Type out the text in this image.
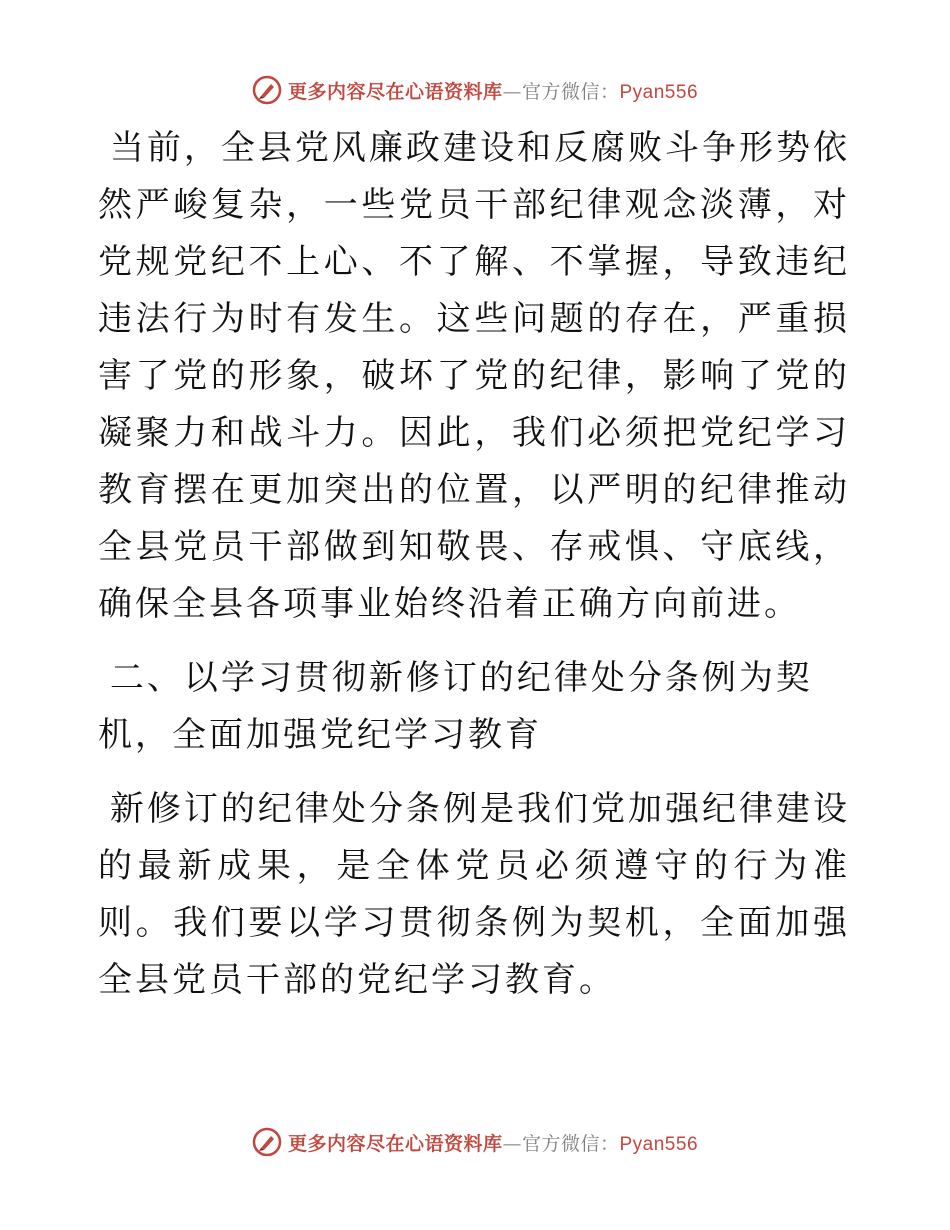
更多内容尽在心语资料库—官方微信：Pyan556

当前，全县党风廉政建设和反腐败斗争形势依然严峻复杂，一些党员干部纪律观念淡薄，对党规党纪不上心、不了解、不掌握，导致违纪违法行为时有发生。这些问题的存在，严重损害了党的形象，破坏了党的纪律，影响了党的凝聚力和战斗力。因此，我们必须把党纪学习教育摆在更加突出的位置，以严明的纪律推动全县党员干部做到知敬畏、存戒惧、守底线，确保全县各项事业始终沿着正确方向前进。

二、以学习贯彻新修订的纪律处分条例为契机，全面加强党纪学习教育

新修订的纪律处分条例是我们党加强纪律建设的最新成果，是全体党员必须遵守的行为准则。我们要以学习贯彻条例为契机，全面加强全县党员干部的党纪学习教育。

更多内容尽在心语资料库—官方微信：Pyan556
